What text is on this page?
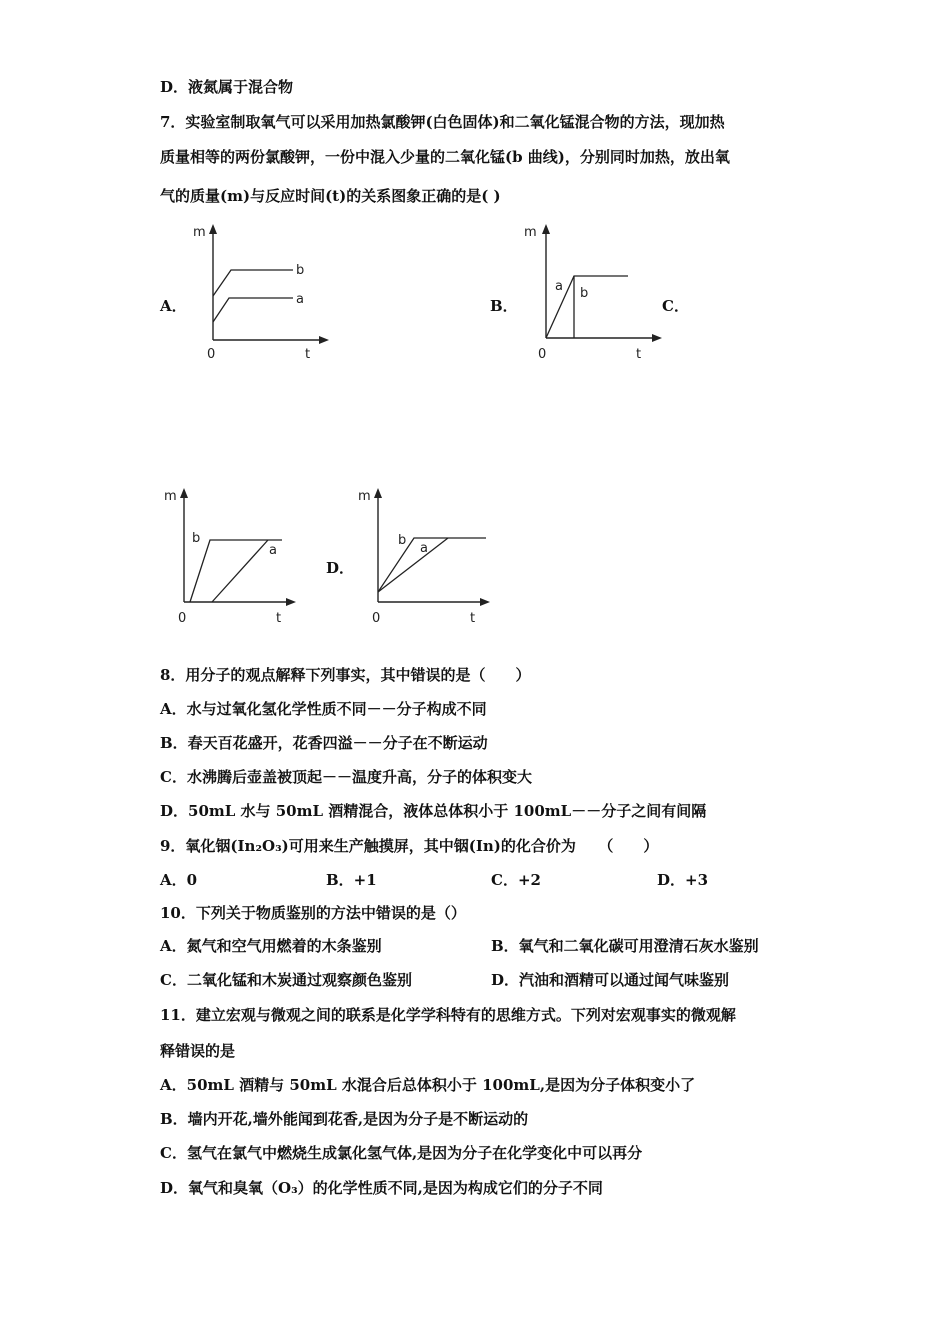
D．液氮属于混合物
7．实验室制取氧气可以采用加热氯酸钾(白色固体)和二氧化锰混合物的方法，现加热
质量相等的两份氯酸钾，一份中混入少量的二氧化锰(b 曲线)，分别同时加热，放出氧
气的质量(m)与反应时间(t)的关系图象正确的是( )
A．
m
0	t
b
a	B．
m
0	t
a b
C．
m
0	t
b
a
D．
m
0	t
b
a
8．用分子的观点解释下列事实，其中错误的是（　　）
A．水与过氧化氢化学性质不同－－分子构成不同
B．春天百花盛开，花香四溢－－分子在不断运动
C．水沸腾后壶盖被顶起－－温度升高，分子的体积变大
D．50mL 水与 50mL 酒精混合，液体总体积小于 100mL－－分子之间有间隔
9．氧化铟(In₂O₃)可用来生产触摸屏，其中铟(In)的化合价为　　（　　）
A．0	B．+1	C．+2	D．+3
10．下列关于物质鉴别的方法中错误的是（）
A．氮气和空气用燃着的木条鉴别	B．氧气和二氧化碳可用澄清石灰水鉴别
C．二氧化锰和木炭通过观察颜色鉴别	D．汽油和酒精可以通过闻气味鉴别
11．建立宏观与微观之间的联系是化学学科特有的思维方式。下列对宏观事实的微观解
释错误的是
A．50mL 酒精与 50mL 水混合后总体积小于 100mL,是因为分子体积变小了
B．墙内开花,墙外能闻到花香,是因为分子是不断运动的
C．氢气在氯气中燃烧生成氯化氢气体,是因为分子在化学变化中可以再分
D．氧气和臭氧（O₃）的化学性质不同,是因为构成它们的分子不同
